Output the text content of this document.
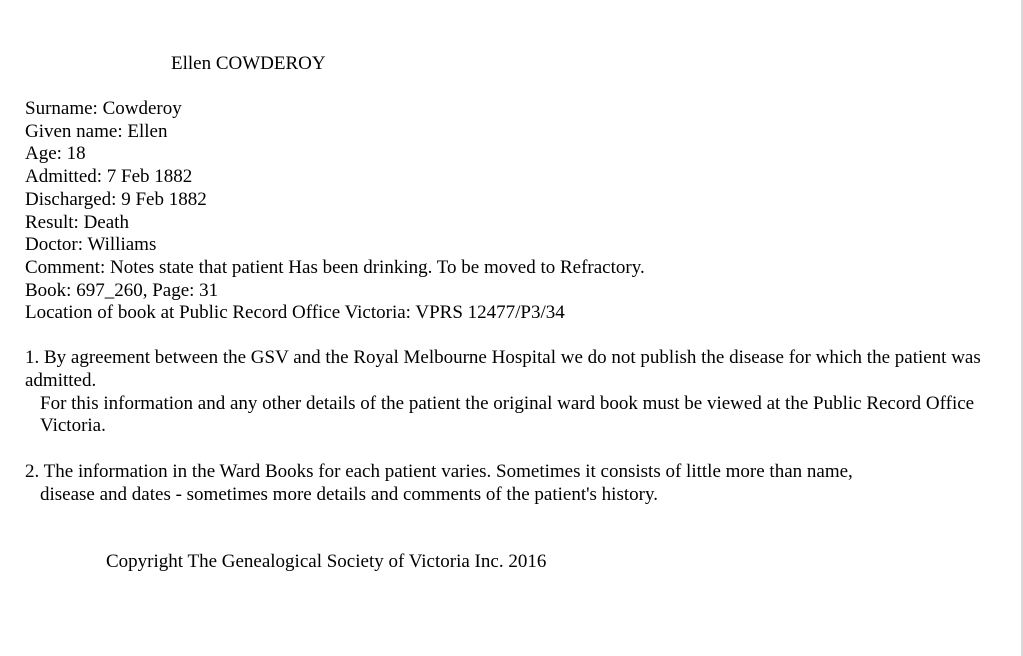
Ellen COWDEROY
Surname: Cowderoy
Given name: Ellen
Age: 18
Admitted: 7 Feb 1882
Discharged: 9 Feb 1882
Result: Death
Doctor: Williams
Comment: Notes state that patient Has been drinking. To be moved to Refractory.
Book: 697_260, Page: 31
Location of book at Public Record Office Victoria: VPRS 12477/P3/34
1. By agreement between the GSV and the Royal Melbourne Hospital we do not publish the disease for which the patient was admitted.
For this information and any other details of the patient the original ward book must be viewed at the Public Record Office Victoria.
2. The information in the Ward Books for each patient varies. Sometimes it consists of little more than name,
disease and dates - sometimes more details and comments of the patient's history.
Copyright The Genealogical Society of Victoria Inc. 2016
